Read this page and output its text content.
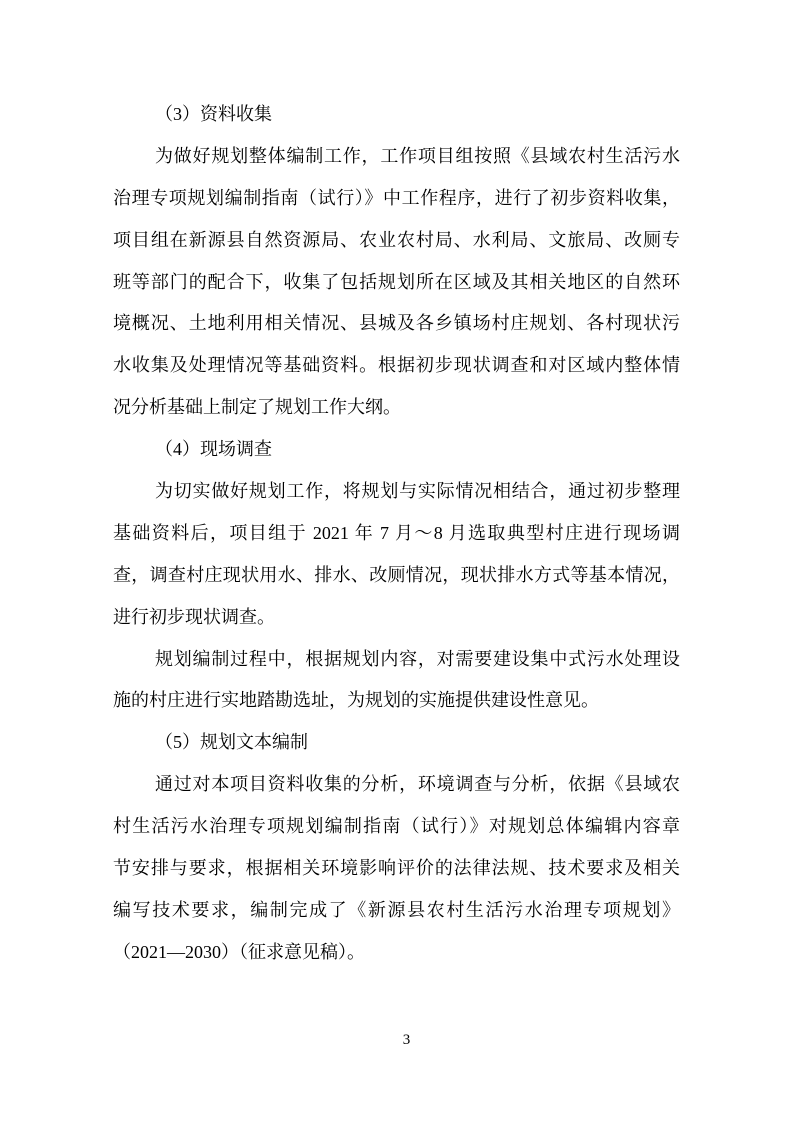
（3）资料收集
为做好规划整体编制工作，工作项目组按照《县域农村生活污水
治理专项规划编制指南（试行）》中工作程序，进行了初步资料收集，
项目组在新源县自然资源局、农业农村局、水利局、文旅局、改厕专
班等部门的配合下，收集了包括规划所在区域及其相关地区的自然环
境概况、土地利用相关情况、县城及各乡镇场村庄规划、各村现状污
水收集及处理情况等基础资料。根据初步现状调查和对区域内整体情
况分析基础上制定了规划工作大纲。
（4）现场调查
为切实做好规划工作，将规划与实际情况相结合，通过初步整理
基础资料后，项目组于 2021 年 7 月～8 月选取典型村庄进行现场调
查，调查村庄现状用水、排水、改厕情况，现状排水方式等基本情况，
进行初步现状调查。
规划编制过程中，根据规划内容，对需要建设集中式污水处理设
施的村庄进行实地踏勘选址，为规划的实施提供建设性意见。
（5）规划文本编制
通过对本项目资料收集的分析，环境调查与分析，依据《县域农
村生活污水治理专项规划编制指南（试行）》对规划总体编辑内容章
节安排与要求，根据相关环境影响评价的法律法规、技术要求及相关
编写技术要求，编制完成了《新源县农村生活污水治理专项规划》
（2021—2030）（征求意见稿）。
3
